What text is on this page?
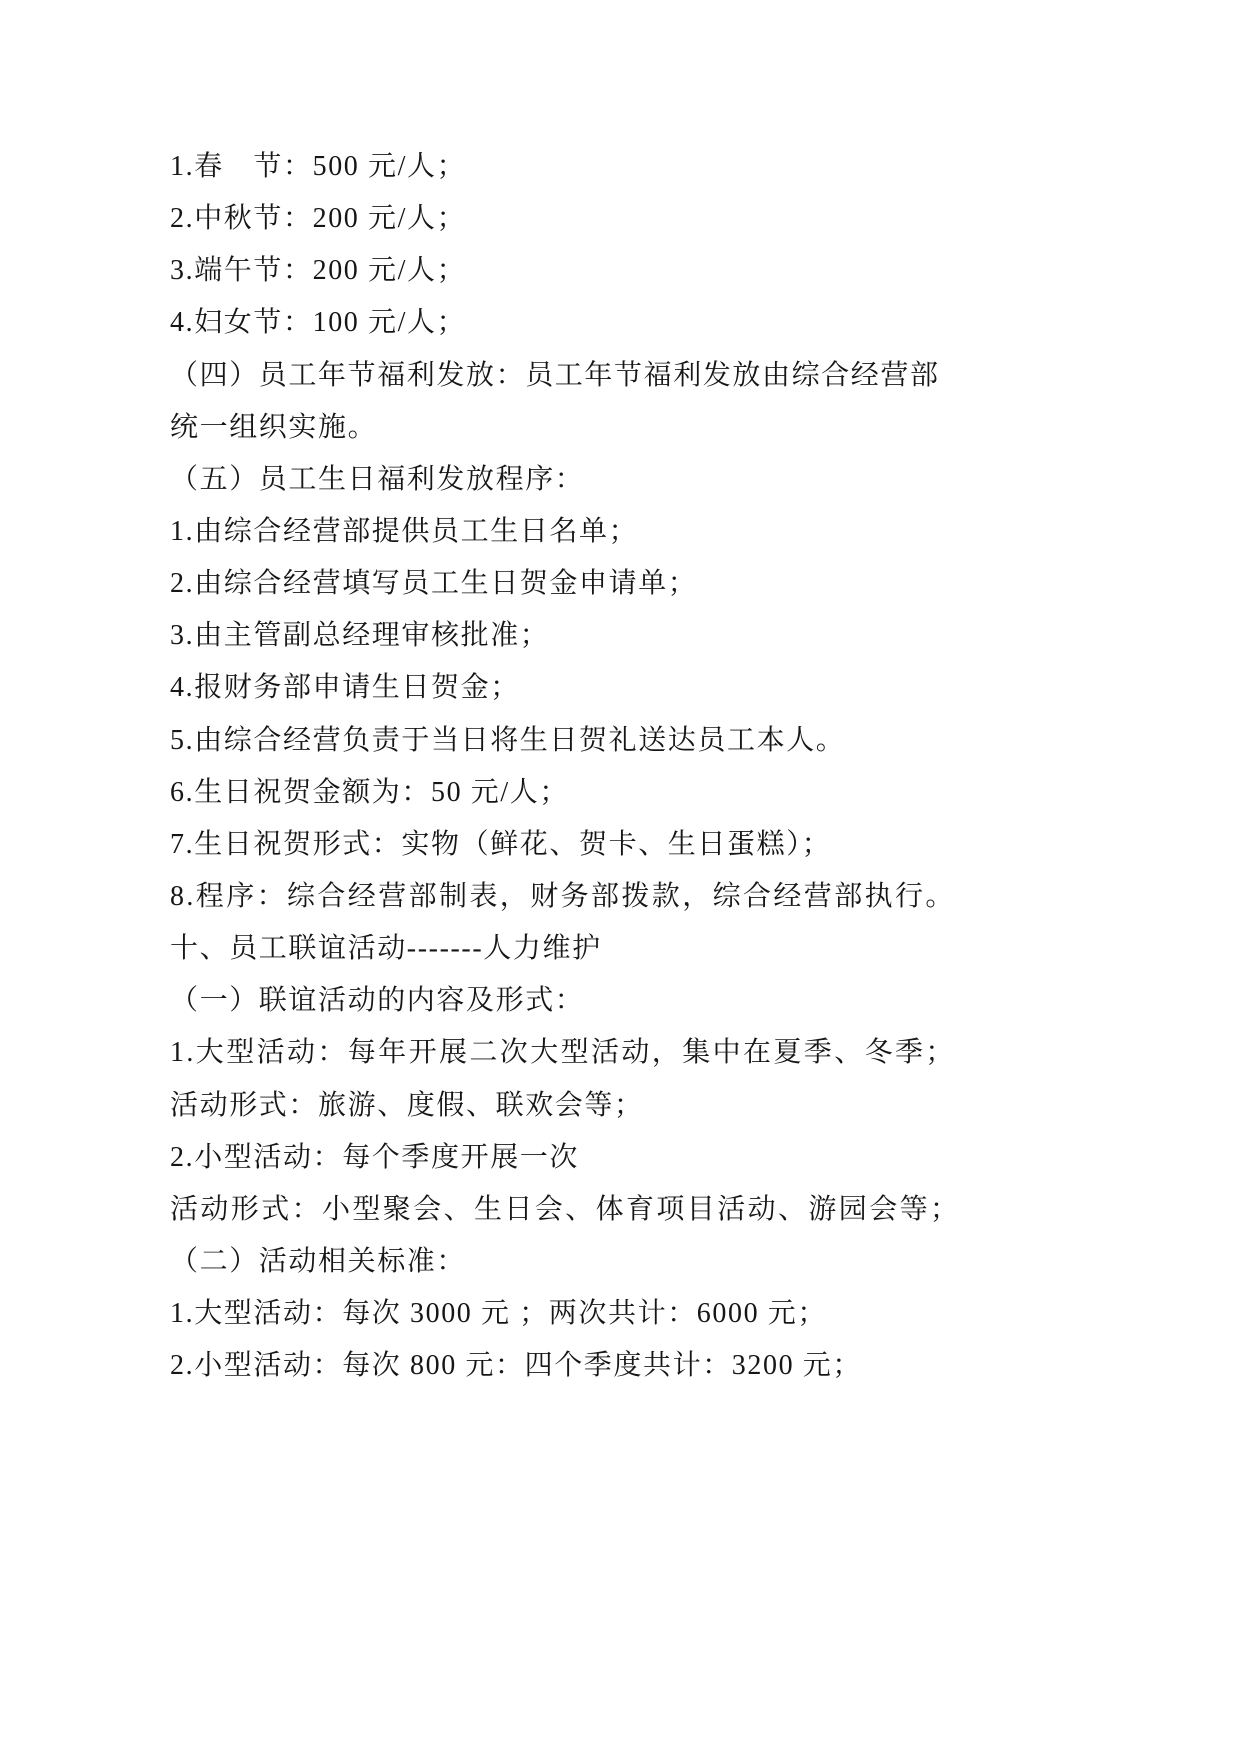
1.春　节：500 元/人；
2.中秋节：200 元/人；
3.端午节：200 元/人；
4.妇女节：100 元/人；
（四）员工年节福利发放：员工年节福利发放由综合经营部
统一组织实施。
（五）员工生日福利发放程序：
1.由综合经营部提供员工生日名单；
2.由综合经营填写员工生日贺金申请单；
3.由主管副总经理审核批准；
4.报财务部申请生日贺金；
5.由综合经营负责于当日将生日贺礼送达员工本人。
6.生日祝贺金额为：50 元/人；
7.生日祝贺形式：实物（鲜花、贺卡、生日蛋糕）；
8.程序：综合经营部制表，财务部拨款，综合经营部执行。
十、员工联谊活动-------人力维护
（一）联谊活动的内容及形式：
1.大型活动：每年开展二次大型活动，集中在夏季、冬季；
活动形式：旅游、度假、联欢会等；
2.小型活动：每个季度开展一次
活动形式：小型聚会、生日会、体育项目活动、游园会等；
（二）活动相关标准：
1.大型活动：每次 3000 元 ；两次共计：6000 元；
2.小型活动：每次 800 元：四个季度共计：3200 元；
